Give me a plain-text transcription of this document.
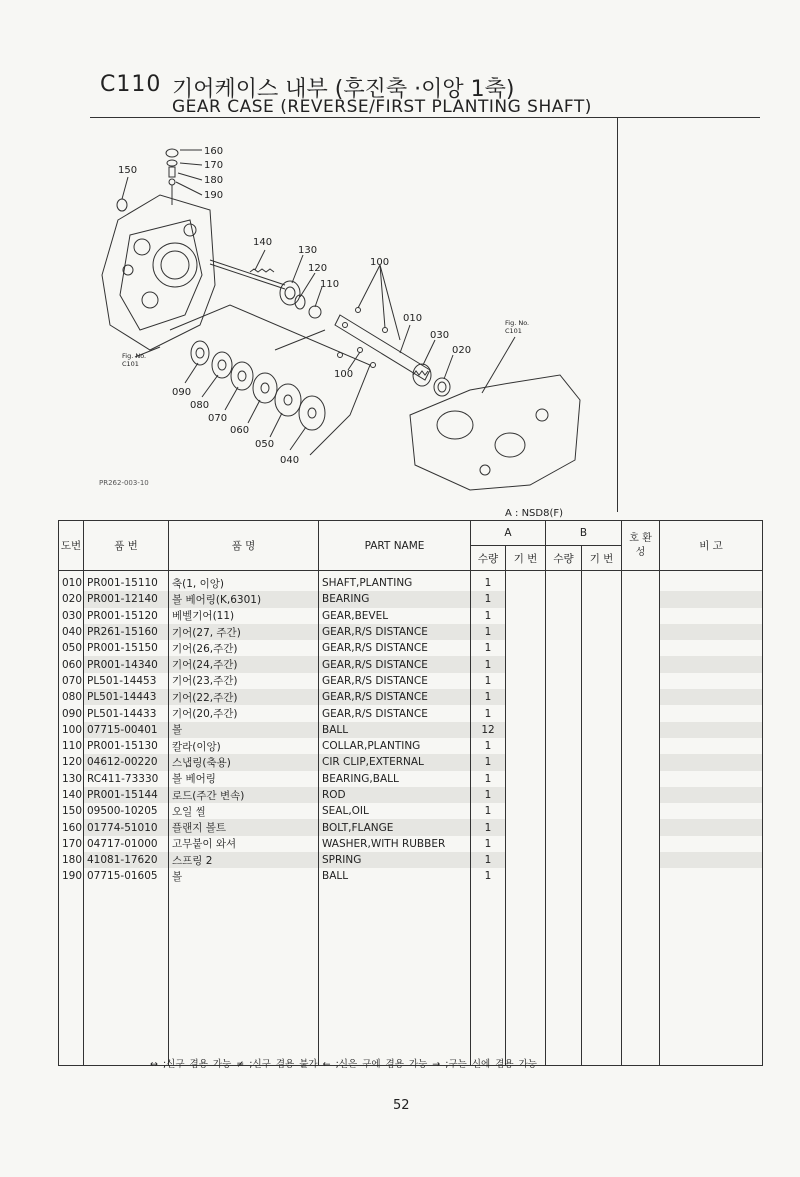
C110 기어케이스 내부 (후진축 ·이앙 1축)
GEAR CASE (REVERSE/FIRST PLANTING SHAFT)
160
170
180
190
150
140
130
120
110
100
010
030
020
100
090
080
070
060
050
040
Fig. No.
C101
Fig. No.
C101
PR262-003-10
A : NSD8(F)
도번	품 번	품 명	PART NAME	A		B		호 환 성	비 고
				수량	기 번	수량	기 번		
010	PR001-15110	축(1, 이앙)	SHAFT,PLANTING	1					
020	PR001-12140	볼 베어링(K,6301)	BEARING	1					
030	PR001-15120	베벨기어(11)	GEAR,BEVEL	1					
040	PR261-15160	기어(27, 주간)	GEAR,R/S DISTANCE	1					
050	PR001-15150	기어(26,주간)	GEAR,R/S DISTANCE	1					
060	PR001-14340	기어(24,주간)	GEAR,R/S DISTANCE	1					
070	PL501-14453	기어(23,주간)	GEAR,R/S DISTANCE	1					
080	PL501-14443	기어(22,주간)	GEAR,R/S DISTANCE	1					
090	PL501-14433	기어(20,주간)	GEAR,R/S DISTANCE	1					
100	07715-00401	볼	BALL	12					
110	PR001-15130	칼라(이앙)	COLLAR,PLANTING	1					
120	04612-00220	스냅링(축용)	CIR CLIP,EXTERNAL	1					
130	RC411-73330	볼 베어링	BEARING,BALL	1					
140	PR001-15144	로드(주간 변속)	ROD	1					
150	09500-10205	오일 씰	SEAL,OIL	1					
160	01774-51010	플랜지 볼트	BOLT,FLANGE	1					
170	04717-01000	고무붙이 와셔	WASHER,WITH RUBBER	1					
180	41081-17620	스프링 2	SPRING	1					
190	07715-01605	볼	BALL	1					

↔ ;신구 겸용 가능 ≠ ;신구 겸용 불가 ← ;신은 구에 겸용 가능 → ;구는 신에 겸용 가능
52
